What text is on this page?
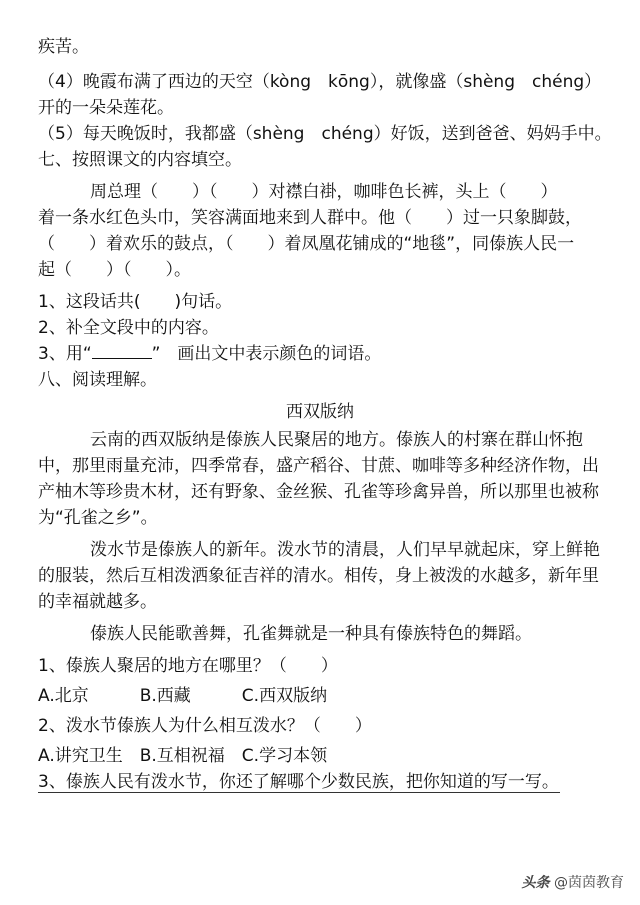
疾苦。
（4）晚霞布满了西边的天空（kòng　kōng），就像盛（shèng　chéng）
开的一朵朵莲花。
（5）每天晚饭时，我都盛（shèng　chéng）好饭，送到爸爸、妈妈手中。
七、按照课文的内容填空。
周总理（　　）（　　）对襟白褂，咖啡色长裤，头上（　　）
着一条水红色头巾，笑容满面地来到人群中。他（　　）过一只象脚鼓，
（　　）着欢乐的鼓点，（　　）着凤凰花铺成的“地毯”，同傣族人民一
起（　　）（　　）。
1、这段话共(　　)句话。
2、补全文段中的内容。
3、用“	”　画出文中表示颜色的词语。
八、阅读理解。
西双版纳
云南的西双版纳是傣族人民聚居的地方。傣族人的村寨在群山怀抱
中，那里雨量充沛，四季常春，盛产稻谷、甘蔗、咖啡等多种经济作物，出
产柚木等珍贵木材，还有野象、金丝猴、孔雀等珍禽异兽，所以那里也被称
为“孔雀之乡”。
泼水节是傣族人的新年。泼水节的清晨，人们早早就起床，穿上鲜艳
的服装，然后互相泼洒象征吉祥的清水。相传，身上被泼的水越多，新年里
的幸福就越多。
傣族人民能歌善舞，孔雀舞就是一种具有傣族特色的舞蹈。
1、傣族人聚居的地方在哪里？（　　）
A.北京　　　B.西藏　　　C.西双版纳
2、泼水节傣族人为什么相互泼水？（　　）
A.讲究卫生　B.互相祝福　C.学习本领
3、傣族人民有泼水节，你还了解哪个少数民族，把你知道的写一写。
头条 @茵茵教育
